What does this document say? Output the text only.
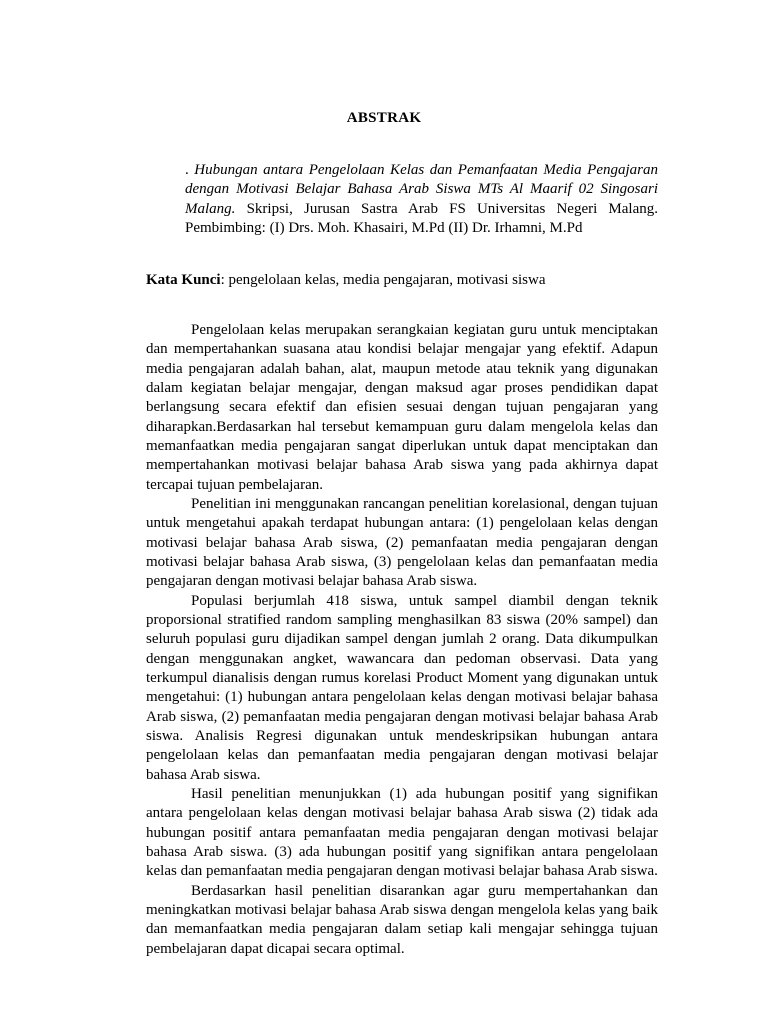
ABSTRAK
. Hubungan antara Pengelolaan Kelas dan Pemanfaatan Media Pengajaran dengan Motivasi Belajar Bahasa Arab Siswa MTs Al Maarif 02 Singosari Malang. Skripsi, Jurusan Sastra Arab FS Universitas Negeri Malang. Pembimbing: (I) Drs. Moh. Khasairi, M.Pd (II) Dr. Irhamni, M.Pd
Kata Kunci: pengelolaan kelas, media pengajaran, motivasi siswa

Pengelolaan kelas merupakan serangkaian kegiatan guru untuk menciptakan dan mempertahankan suasana atau kondisi belajar mengajar yang efektif. Adapun media pengajaran adalah bahan, alat, maupun metode atau teknik yang digunakan dalam kegiatan belajar mengajar, dengan maksud agar proses pendidikan dapat berlangsung secara efektif dan efisien sesuai dengan tujuan pengajaran yang diharapkan.Berdasarkan hal tersebut kemampuan guru dalam mengelola kelas dan memanfaatkan media pengajaran sangat diperlukan untuk dapat menciptakan dan mempertahankan motivasi belajar bahasa Arab siswa yang pada akhirnya dapat tercapai tujuan pembelajaran.

Penelitian ini menggunakan rancangan penelitian korelasional, dengan tujuan untuk mengetahui apakah terdapat hubungan antara: (1) pengelolaan kelas dengan motivasi belajar bahasa Arab siswa, (2) pemanfaatan media pengajaran dengan motivasi belajar bahasa Arab siswa, (3) pengelolaan kelas dan pemanfaatan media pengajaran dengan motivasi belajar bahasa Arab siswa.

Populasi berjumlah 418 siswa, untuk sampel diambil dengan teknik proporsional stratified random sampling menghasilkan 83 siswa (20% sampel) dan seluruh populasi guru dijadikan sampel dengan jumlah 2 orang. Data dikumpulkan dengan menggunakan angket, wawancara dan pedoman observasi. Data yang terkumpul dianalisis dengan rumus korelasi Product Moment yang digunakan untuk mengetahui: (1) hubungan antara pengelolaan kelas dengan motivasi belajar bahasa Arab siswa, (2) pemanfaatan media pengajaran dengan motivasi belajar bahasa Arab siswa. Analisis Regresi digunakan untuk mendeskripsikan hubungan antara pengelolaan kelas dan pemanfaatan media pengajaran dengan motivasi belajar bahasa Arab siswa.

Hasil penelitian menunjukkan (1) ada hubungan positif yang signifikan antara pengelolaan kelas dengan motivasi belajar bahasa Arab siswa (2) tidak ada hubungan positif antara pemanfaatan media pengajaran dengan motivasi belajar bahasa Arab siswa. (3) ada hubungan positif yang signifikan antara pengelolaan kelas dan pemanfaatan media pengajaran dengan motivasi belajar bahasa Arab siswa.

Berdasarkan hasil penelitian disarankan agar guru mempertahankan dan meningkatkan motivasi belajar bahasa Arab siswa dengan mengelola kelas yang baik dan memanfaatkan media pengajaran dalam setiap kali mengajar sehingga tujuan pembelajaran dapat dicapai secara optimal.
